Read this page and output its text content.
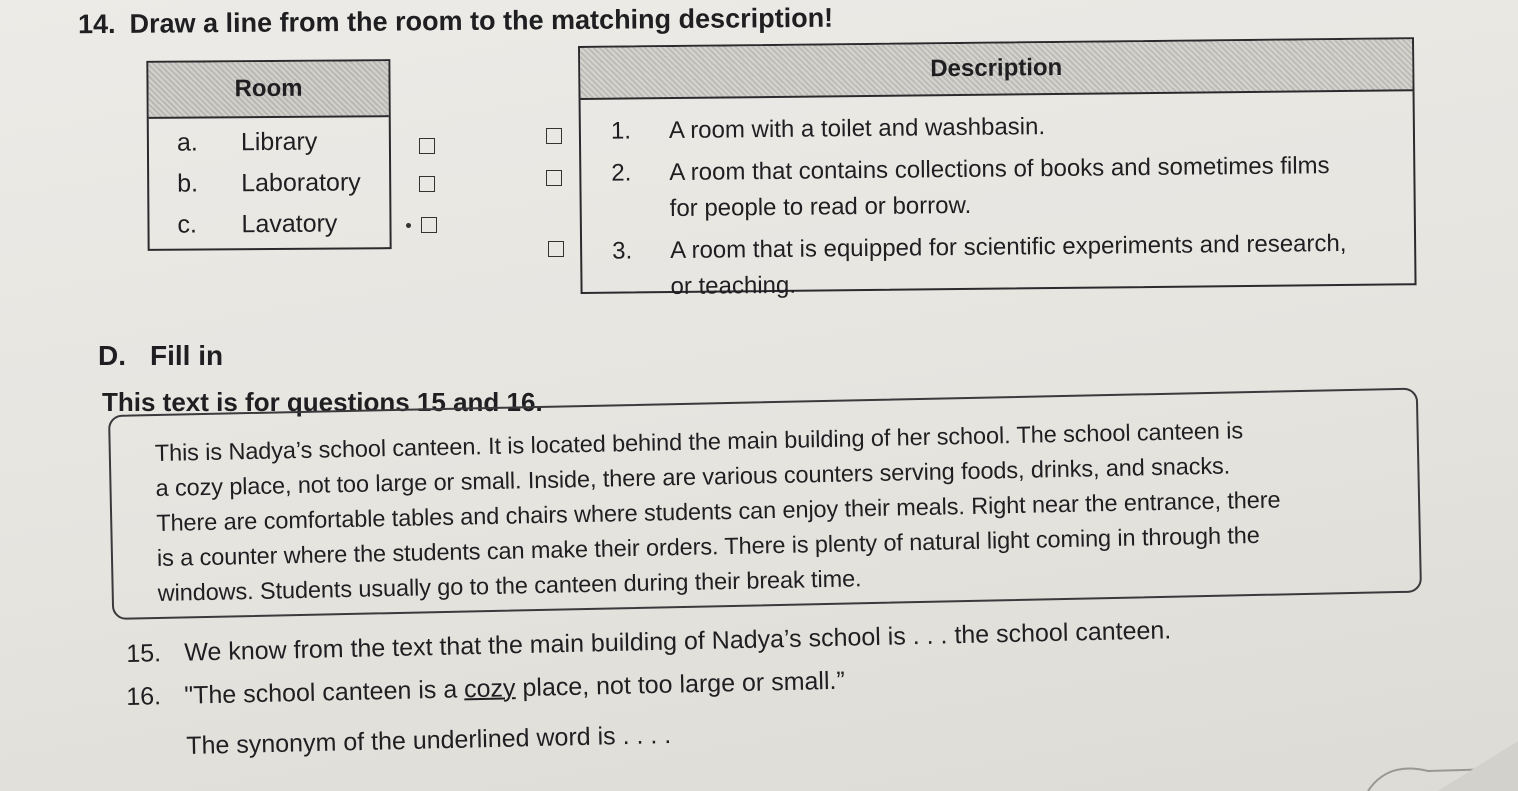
14. Draw a line from the room to the matching description!
Room
a. Library
b. Laboratory
c. Lavatory
Description
1. A room with a toilet and washbasin.
2. A room that contains collections of books and sometimes films
for people to read or borrow.
3. A room that is equipped for scientific experiments and research,
or teaching.
D. Fill in
This text is for questions 15 and 16.
This is Nadya’s school canteen. It is located behind the main building of her school. The school canteen is
a cozy place, not too large or small. Inside, there are various counters serving foods, drinks, and snacks.
There are comfortable tables and chairs where students can enjoy their meals. Right near the entrance, there
is a counter where the students can make their orders. There is plenty of natural light coming in through the
windows. Students usually go to the canteen during their break time.
15. We know from the text that the main building of Nadya’s school is . . . the school canteen.
16. "The school canteen is a cozy place, not too large or small.”
The synonym of the underlined word is . . . .
